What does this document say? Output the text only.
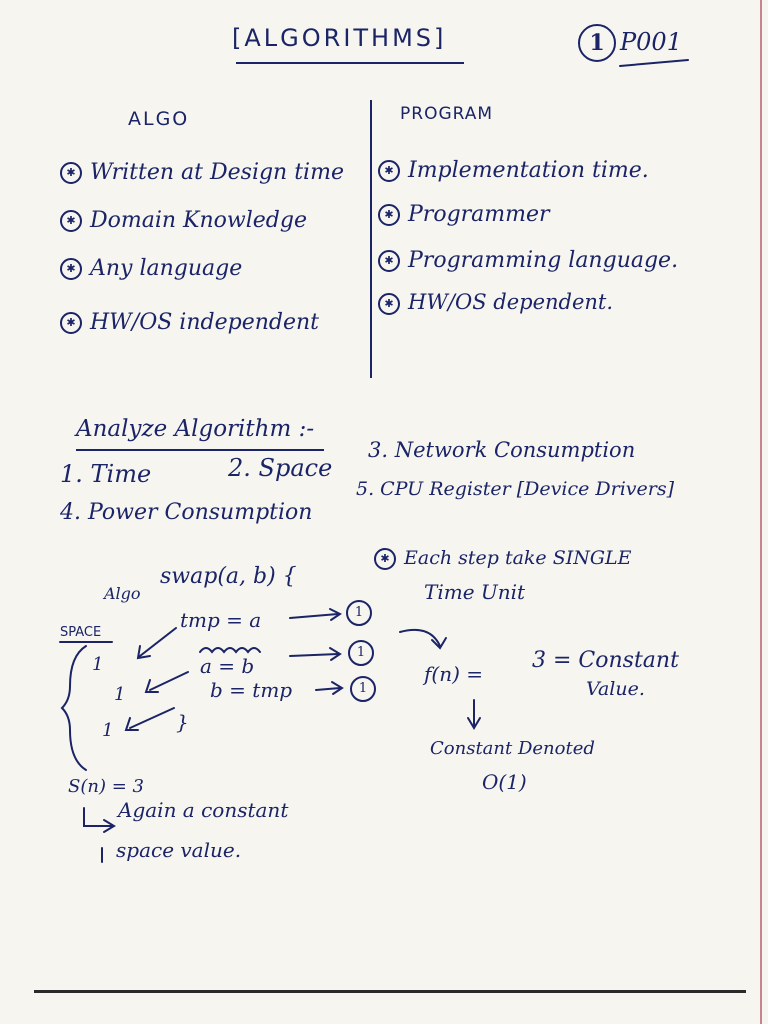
[ALGORITHMS]	1 P001
ALGO
✱ Written at Design time
✱ Domain Knowledge
✱ Any language
✱ HW/OS independent
PROGRAM
✱ Implementation time.
✱ Programmer
✱ Programming language.
✱ HW/OS dependent.
Analyze Algorithm :-
1. Time	2. Space
3. Network Consumption
4. Power Consumption
5. CPU Register [Device Drivers]
Algo
swap(a, b) {
✱ Each step take SINGLE
Time Unit
SPACE
tmp = a
a = b
b = tmp
}
1
1
1
1
1
1
f(n) =
3 = Constant
Value.
Constant Denoted
O(1)
S(n) = 3
Again a constant
space value.
